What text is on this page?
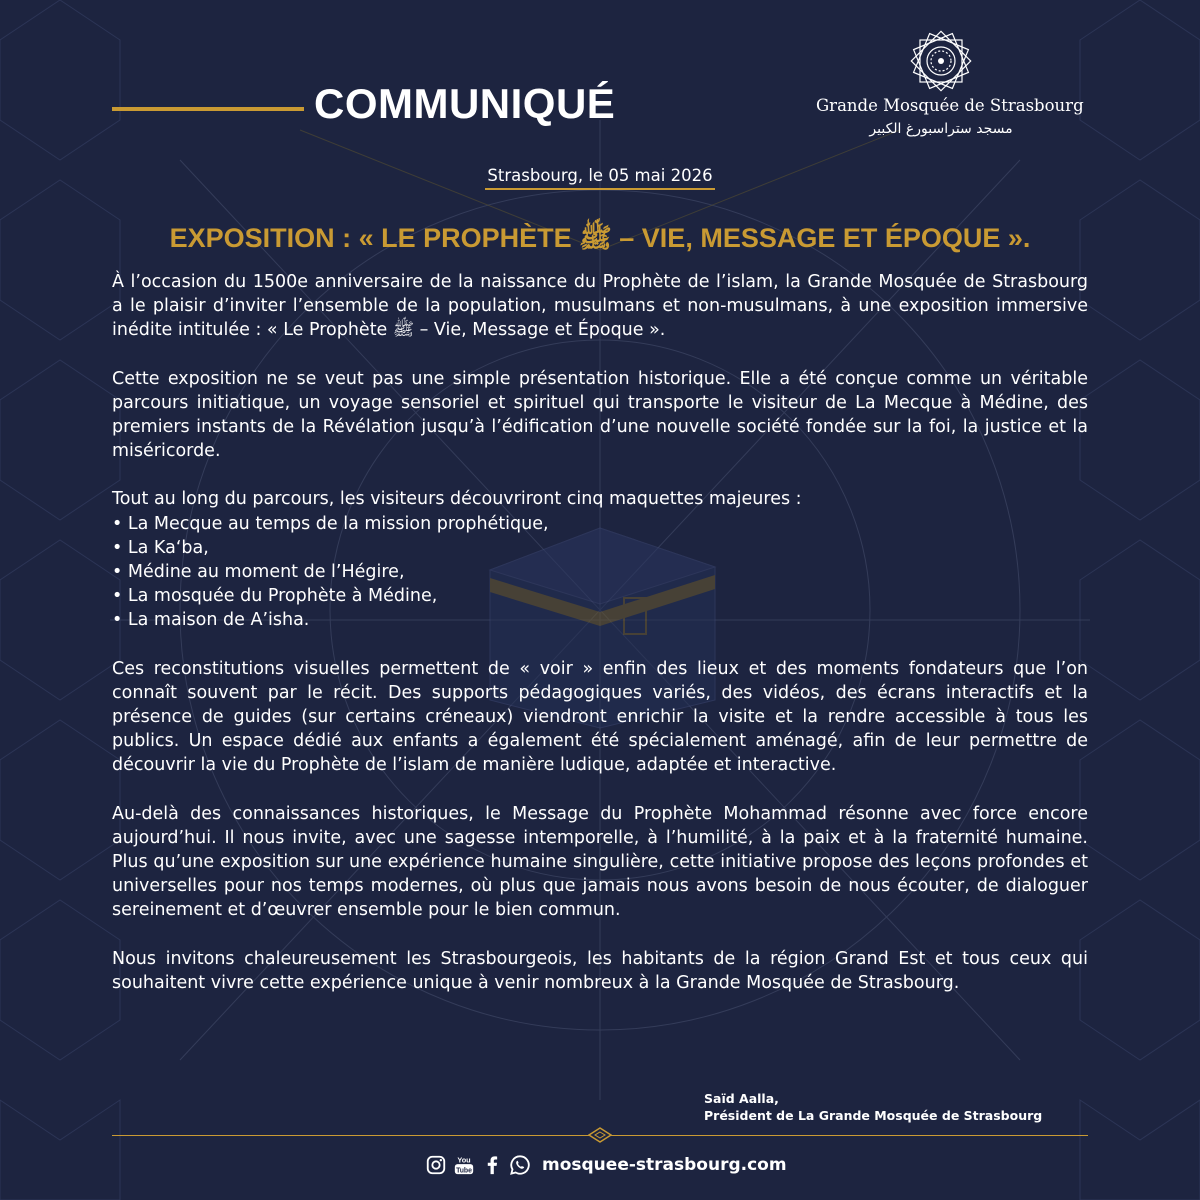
COMMUNIQUÉ	Grande Mosquée de Strasbourg
مسجد ستراسبورغ الكبير
Strasbourg, le 05 mai 2026
EXPOSITION : « LE PROPHÈTE ﷺ – VIE, MESSAGE ET ÉPOQUE ».

À l’occasion du 1500e anniversaire de la naissance du Prophète de l’islam, la Grande Mosquée de Strasbourg a le plaisir d’inviter l’ensemble de la population, musulmans et non-musulmans, à une exposition immersive inédite intitulée : « Le Prophète ﷺ – Vie, Message et Époque ».

Cette exposition ne se veut pas une simple présentation historique. Elle a été conçue comme un véritable parcours initiatique, un voyage sensoriel et spirituel qui transporte le visiteur de La Mecque à Médine, des premiers instants de la Révélation jusqu’à l’édification d’une nouvelle société fondée sur la foi, la justice et la miséricorde.

Tout au long du parcours, les visiteurs découvriront cinq maquettes majeures :

• La Mecque au temps de la mission prophétique,
• La Ka‘ba,
• Médine au moment de l’Hégire,
• La mosquée du Prophète à Médine,
• La maison de A’isha.

Ces reconstitutions visuelles permettent de « voir » enfin des lieux et des moments fondateurs que l’on connaît souvent par le récit. Des supports pédagogiques variés, des vidéos, des écrans interactifs et la présence de guides (sur certains créneaux) viendront enrichir la visite et la rendre accessible à tous les publics. Un espace dédié aux enfants a également été spécialement aménagé, afin de leur permettre de découvrir la vie du Prophète de l’islam de manière ludique, adaptée et interactive.

Au-delà des connaissances historiques, le Message du Prophète Mohammad résonne avec force encore aujourd’hui. Il nous invite, avec une sagesse intemporelle, à l’humilité, à la paix et à la fraternité humaine. Plus qu’une exposition sur une expérience humaine singulière, cette initiative propose des leçons profondes et universelles pour nos temps modernes, où plus que jamais nous avons besoin de nous écouter, de dialoguer sereinement et d’œuvrer ensemble pour le bien commun.

Nous invitons chaleureusement les Strasbourgeois, les habitants de la région Grand Est et tous ceux qui souhaitent vivre cette expérience unique à venir nombreux à la Grande Mosquée de Strasbourg.

Saïd Aalla,
Président de La Grande Mosquée de Strasbourg
You
Tube	mosquee-strasbourg.com
